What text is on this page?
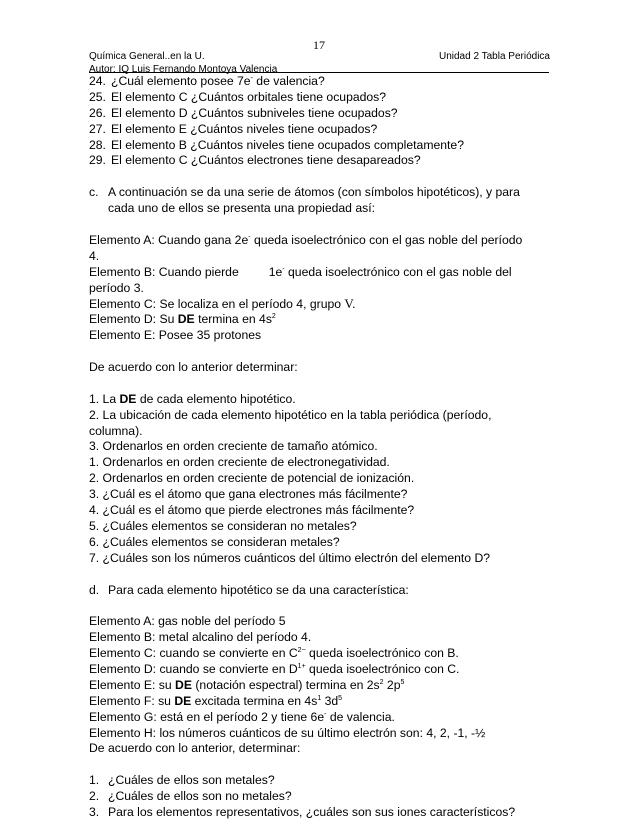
17
Química General..en la U.
Autor: IQ Luis Fernando Montoya Valencia
Unidad 2 Tabla Periódica
24. ¿Cuál elemento posee 7e- de valencia?
25. El elemento C ¿Cuántos orbitales tiene ocupados?
26. El elemento D ¿Cuántos subniveles tiene ocupados?
27. El elemento E ¿Cuántos niveles tiene ocupados?
28. El elemento B ¿Cuántos niveles tiene ocupados completamente?
29. El elemento C ¿Cuántos electrones tiene desapareados?
c. A continuación se da una serie de átomos (con símbolos hipotéticos), y para
cada uno de ellos se presenta una propiedad así:
Elemento A: Cuando gana 2e- queda isoelectrónico con el gas noble del período
4.
Elemento B: Cuando pierde 1e- queda isoelectrónico con el gas noble del
período 3.
Elemento C: Se localiza en el período 4, grupo V.
Elemento D: Su DE termina en $4s^2$
Elemento E: Posee 35 protones
De acuerdo con lo anterior determinar:
1. La DE de cada elemento hipotético.
2. La ubicación de cada elemento hipotético en la tabla periódica (período,
columna).
3. Ordenarlos en orden creciente de tamaño atómico.
1. Ordenarlos en orden creciente de electronegatividad.
2. Ordenarlos en orden creciente de potencial de ionización.
3. ¿Cuál es el átomo que gana electrones más fácilmente?
4. ¿Cuál es el átomo que pierde electrones más fácilmente?
5. ¿Cuáles elementos se consideran no metales?
6. ¿Cuáles elementos se consideran metales?
7. ¿Cuáles son los números cuánticos del último electrón del elemento D?
d. Para cada elemento hipotético se da una característica:
Elemento A: gas noble del período 5
Elemento B: metal alcalino del período 4.
Elemento C: cuando se convierte en $C^{2-}$ queda isoelectrónico con B.
Elemento D: cuando se convierte en $D^{1+}$ queda isoelectrónico con C.
Elemento E: su DE (notación espectral) termina en $2s^2$ $2p^5$
Elemento F: su DE excitada termina en $4s^1$ $3d^5$
Elemento G: está en el período 2 y tiene 6e- de valencia.
Elemento H: los números cuánticos de su último electrón son: 4, 2, -1, -½
De acuerdo con lo anterior, determinar:
1. ¿Cuáles de ellos son metales?
2. ¿Cuáles de ellos son no metales?
3. Para los elementos representativos, ¿cuáles son sus iones característicos?
